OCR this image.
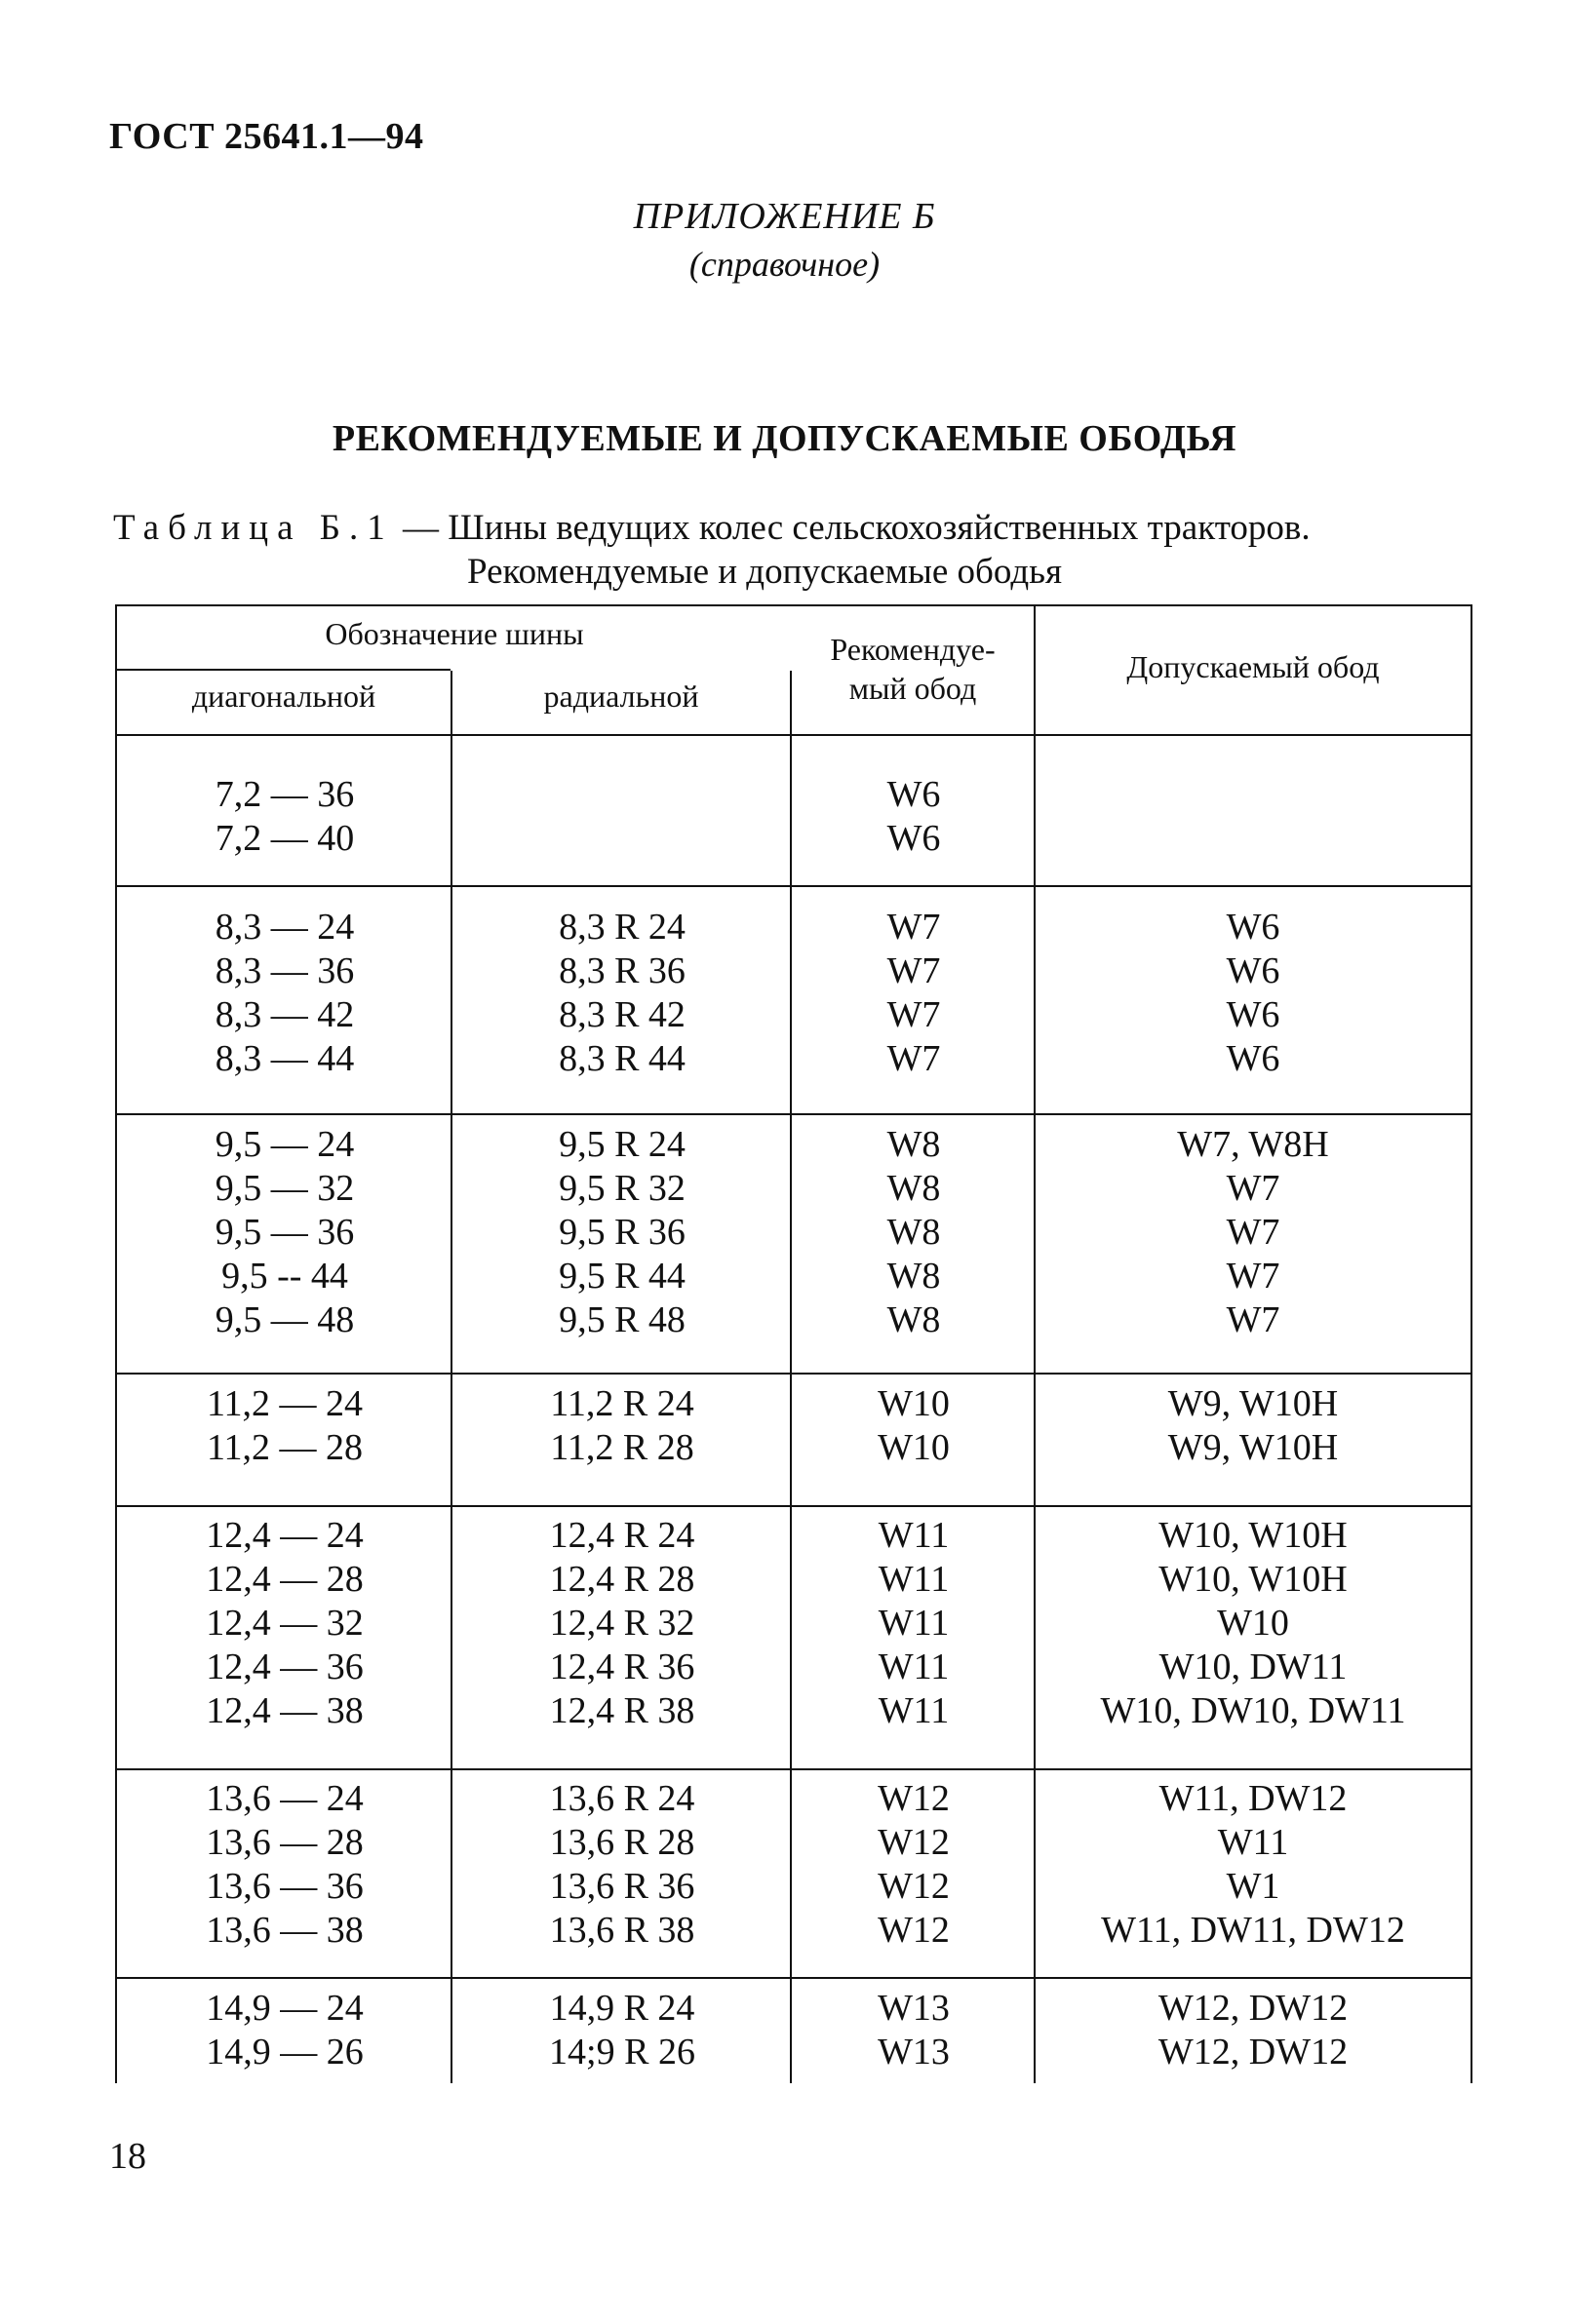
ГОСТ 25641.1—94
ПРИЛОЖЕНИЕ Б
(справочное)
РЕКОМЕНДУЕМЫЕ И ДОПУСКАЕМЫЕ ОБОДЬЯ
Таблица Б.1 — Шины ведущих колес сельскохозяйственных тракторов.
Рекомендуемые и допускаемые ободья
Обозначение шины
диагональной	радиальной
Рекомендуе-
мый обод
Допускаемый обод
7,2 — 36
7,2 — 40
W6
W6
8,3 — 24
8,3 — 36
8,3 — 42
8,3 — 44
8,3 R 24
8,3 R 36
8,3 R 42
8,3 R 44
W7
W7
W7
W7
W6
W6
W6
W6
9,5 — 24
9,5 — 32
9,5 — 36
9,5 -- 44
9,5 — 48
9,5 R 24
9,5 R 32
9,5 R 36
9,5 R 44
9,5 R 48
W8
W8
W8
W8
W8
W7, W8H
W7
W7
W7
W7
11,2 — 24
11,2 — 28
11,2 R 24
11,2 R 28
W10
W10
W9, W10H
W9, W10H
12,4 — 24
12,4 — 28
12,4 — 32
12,4 — 36
12,4 — 38
12,4 R 24
12,4 R 28
12,4 R 32
12,4 R 36
12,4 R 38
W11
W11
W11
W11
W11
W10, W10H
W10, W10H
W10
W10, DW11
W10, DW10, DW11
13,6 — 24
13,6 — 28
13,6 — 36
13,6 — 38
13,6 R 24
13,6 R 28
13,6 R 36
13,6 R 38
W12
W12
W12
W12
W11, DW12
W11
W1
W11, DW11, DW12
14,9 — 24
14,9 — 26
14,9 R 24
14;9 R 26
W13
W13
W12, DW12
W12, DW12
18
